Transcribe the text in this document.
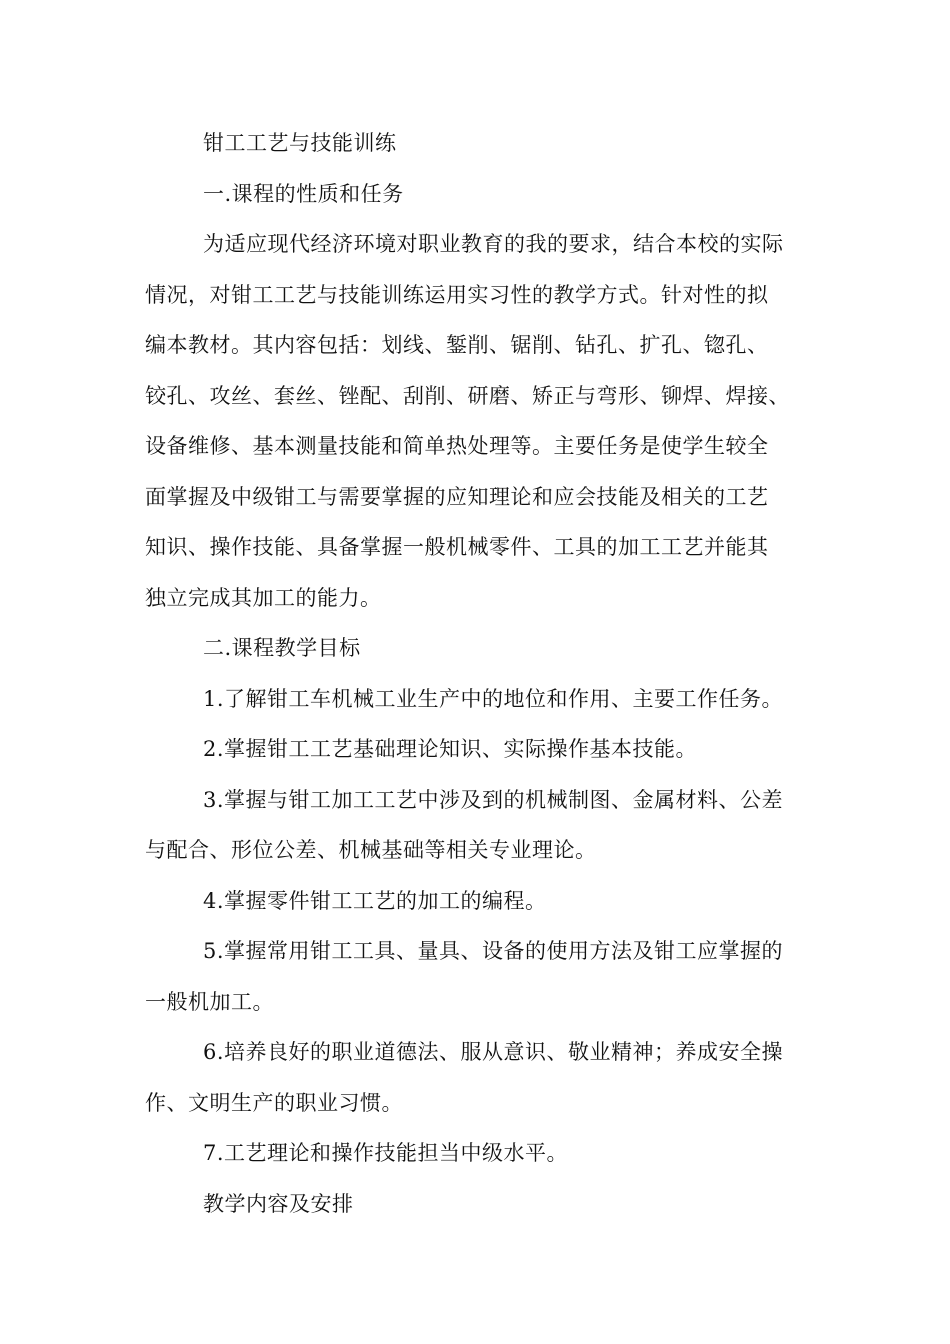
钳工工艺与技能训练

一.课程的性质和任务

为适应现代经济环境对职业教育的我的要求，结合本校的实际
情况，对钳工工艺与技能训练运用实习性的教学方式。针对性的拟
编本教材。其内容包括：划线、錾削、锯削、钻孔、扩孔、锪孔、
铰孔、攻丝、套丝、锉配、刮削、研磨、矫正与弯形、铆焊、焊接、
设备维修、基本测量技能和简单热处理等。主要任务是使学生较全
面掌握及中级钳工与需要掌握的应知理论和应会技能及相关的工艺
知识、操作技能、具备掌握一般机械零件、工具的加工工艺并能其
独立完成其加工的能力。

二.课程教学目标

1.了解钳工车机械工业生产中的地位和作用、主要工作任务。

2.掌握钳工工艺基础理论知识、实际操作基本技能。

3.掌握与钳工加工工艺中涉及到的机械制图、金属材料、公差
与配合、形位公差、机械基础等相关专业理论。

4.掌握零件钳工工艺的加工的编程。

5.掌握常用钳工工具、量具、设备的使用方法及钳工应掌握的
一般机加工。

6.培养良好的职业道德法、服从意识、敬业精神；养成安全操
作、文明生产的职业习惯。

7.工艺理论和操作技能担当中级水平。

教学内容及安排
